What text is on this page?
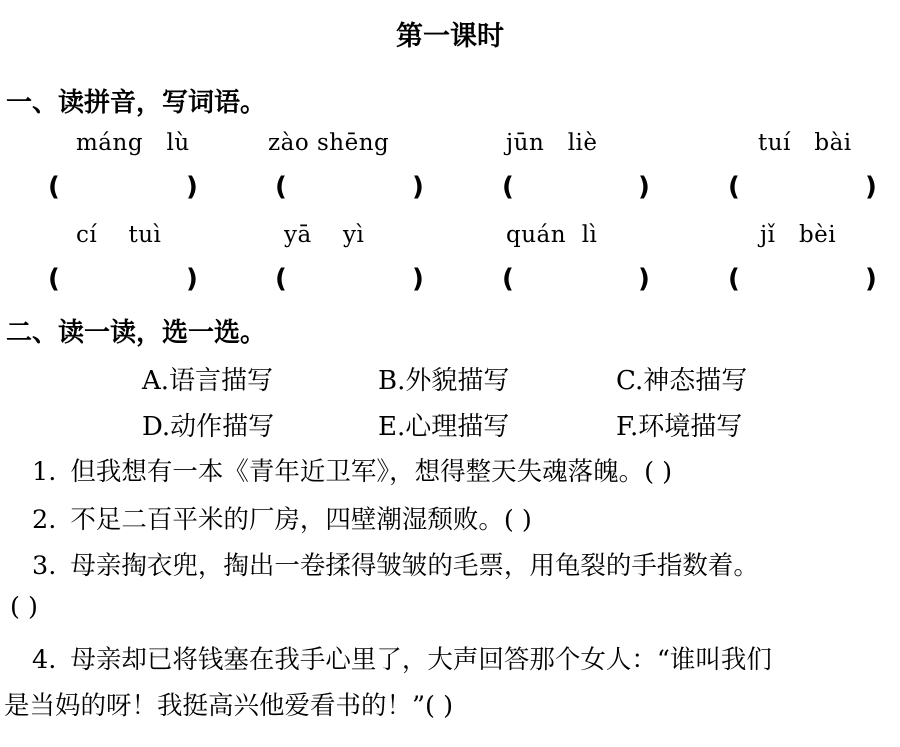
第一课时
一、读拼音，写词语。
máng lù	zào shēng	jūn liè	tuí bài
(	)	(	)	(	)	(	)
cí tuì	yā yì	quán lì	jǐ bèi
(	)	(	)	(	)	(	)
二、读一读，选一选。
A.语言描写	B.外貌描写	C.神态描写
D.动作描写	E.心理描写	F.环境描写
1. 但我想有一本《青年近卫军》，想得整天失魂落魄。( )
2. 不足二百平米的厂房，四壁潮湿颓败。( )
3. 母亲掏衣兜，掏出一卷揉得皱皱的毛票，用龟裂的手指数着。
( )
4. 母亲却已将钱塞在我手心里了，大声回答那个女人：“谁叫我们
是当妈的呀！我挺高兴他爱看书的！”( )
